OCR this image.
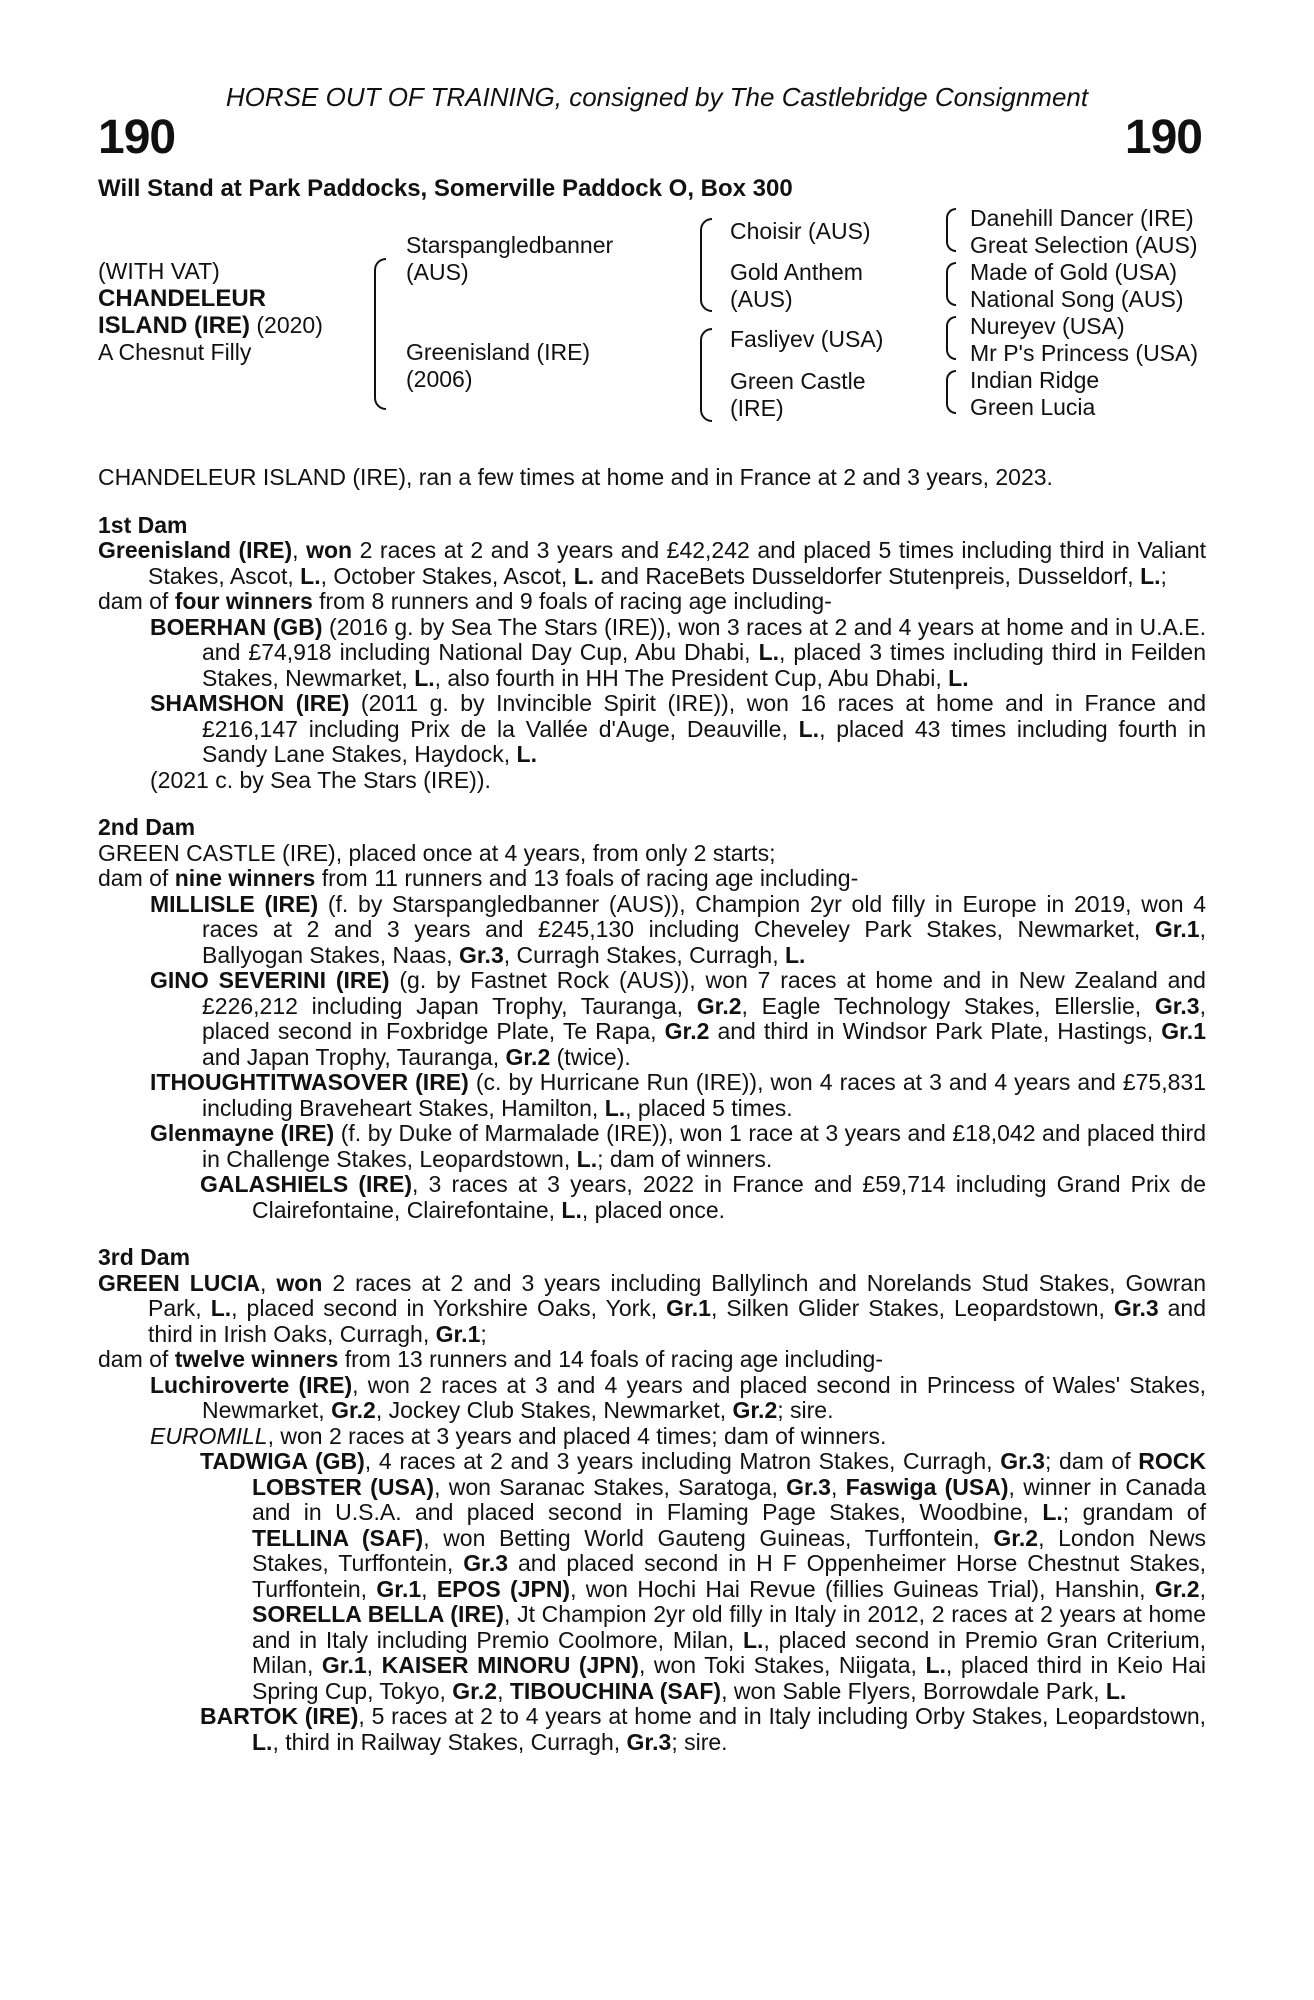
HORSE OUT OF TRAINING, consigned by The Castlebridge Consignment
190	190
Will Stand at Park Paddocks, Somerville Paddock O, Box 300
(WITH VAT)
CHANDELEUR
ISLAND (IRE) (2020)
A Chesnut Filly
Starspangledbanner
(AUS)
Greenisland (IRE)
(2006)
Choisir (AUS)
Gold Anthem
(AUS)
Fasliyev (USA)
Green Castle
(IRE)
Danehill Dancer (IRE)
Great Selection (AUS)
Made of Gold (USA)
National Song (AUS)
Nureyev (USA)
Mr P's Princess (USA)
Indian Ridge
Green Lucia

CHANDELEUR ISLAND (IRE), ran a few times at home and in France at 2 and 3 years, 2023.

1st Dam

Greenisland (IRE), won 2 races at 2 and 3 years and £42,242 and placed 5 times including third in Valiant Stakes, Ascot, L., October Stakes, Ascot, L. and RaceBets Dusseldorfer Stutenpreis, Dusseldorf, L.;

dam of four winners from 8 runners and 9 foals of racing age including-

BOERHAN (GB) (2016 g. by Sea The Stars (IRE)), won 3 races at 2 and 4 years at home and in U.A.E. and £74,918 including National Day Cup, Abu Dhabi, L., placed 3 times including third in Feilden Stakes, Newmarket, L., also fourth in HH The President Cup, Abu Dhabi, L.

SHAMSHON (IRE) (2011 g. by Invincible Spirit (IRE)), won 16 races at home and in France and £216,147 including Prix de la Vallée d'Auge, Deauville, L., placed 43 times including fourth in Sandy Lane Stakes, Haydock, L.

(2021 c. by Sea The Stars (IRE)).

2nd Dam

GREEN CASTLE (IRE), placed once at 4 years, from only 2 starts;

dam of nine winners from 11 runners and 13 foals of racing age including-

MILLISLE (IRE) (f. by Starspangledbanner (AUS)), Champion 2yr old filly in Europe in 2019, won 4 races at 2 and 3 years and £245,130 including Cheveley Park Stakes, Newmarket, Gr.1, Ballyogan Stakes, Naas, Gr.3, Curragh Stakes, Curragh, L.

GINO SEVERINI (IRE) (g. by Fastnet Rock (AUS)), won 7 races at home and in New Zealand and £226,212 including Japan Trophy, Tauranga, Gr.2, Eagle Technology Stakes, Ellerslie, Gr.3, placed second in Foxbridge Plate, Te Rapa, Gr.2 and third in Windsor Park Plate, Hastings, Gr.1 and Japan Trophy, Tauranga, Gr.2 (twice).

ITHOUGHTITWASOVER (IRE) (c. by Hurricane Run (IRE)), won 4 races at 3 and 4 years and £75,831 including Braveheart Stakes, Hamilton, L., placed 5 times.

Glenmayne (IRE) (f. by Duke of Marmalade (IRE)), won 1 race at 3 years and £18,042 and placed third in Challenge Stakes, Leopardstown, L.; dam of winners.

GALASHIELS (IRE), 3 races at 3 years, 2022 in France and £59,714 including Grand Prix de Clairefontaine, Clairefontaine, L., placed once.

3rd Dam

GREEN LUCIA, won 2 races at 2 and 3 years including Ballylinch and Norelands Stud Stakes, Gowran Park, L., placed second in Yorkshire Oaks, York, Gr.1, Silken Glider Stakes, Leopardstown, Gr.3 and third in Irish Oaks, Curragh, Gr.1;

dam of twelve winners from 13 runners and 14 foals of racing age including-

Luchiroverte (IRE), won 2 races at 3 and 4 years and placed second in Princess of Wales' Stakes, Newmarket, Gr.2, Jockey Club Stakes, Newmarket, Gr.2; sire.

EUROMILL, won 2 races at 3 years and placed 4 times; dam of winners.

TADWIGA (GB), 4 races at 2 and 3 years including Matron Stakes, Curragh, Gr.3; dam of ROCK LOBSTER (USA), won Saranac Stakes, Saratoga, Gr.3, Faswiga (USA), winner in Canada and in U.S.A. and placed second in Flaming Page Stakes, Woodbine, L.; grandam of TELLINA (SAF), won Betting World Gauteng Guineas, Turffontein, Gr.2, London News Stakes, Turffontein, Gr.3 and placed second in H F Oppenheimer Horse Chestnut Stakes, Turffontein, Gr.1, EPOS (JPN), won Hochi Hai Revue (fillies Guineas Trial), Hanshin, Gr.2, SORELLA BELLA (IRE), Jt Champion 2yr old filly in Italy in 2012, 2 races at 2 years at home and in Italy including Premio Coolmore, Milan, L., placed second in Premio Gran Criterium, Milan, Gr.1, KAISER MINORU (JPN), won Toki Stakes, Niigata, L., placed third in Keio Hai Spring Cup, Tokyo, Gr.2, TIBOUCHINA (SAF), won Sable Flyers, Borrowdale Park, L.

BARTOK (IRE), 5 races at 2 to 4 years at home and in Italy including Orby Stakes, Leopardstown, L., third in Railway Stakes, Curragh, Gr.3; sire.
